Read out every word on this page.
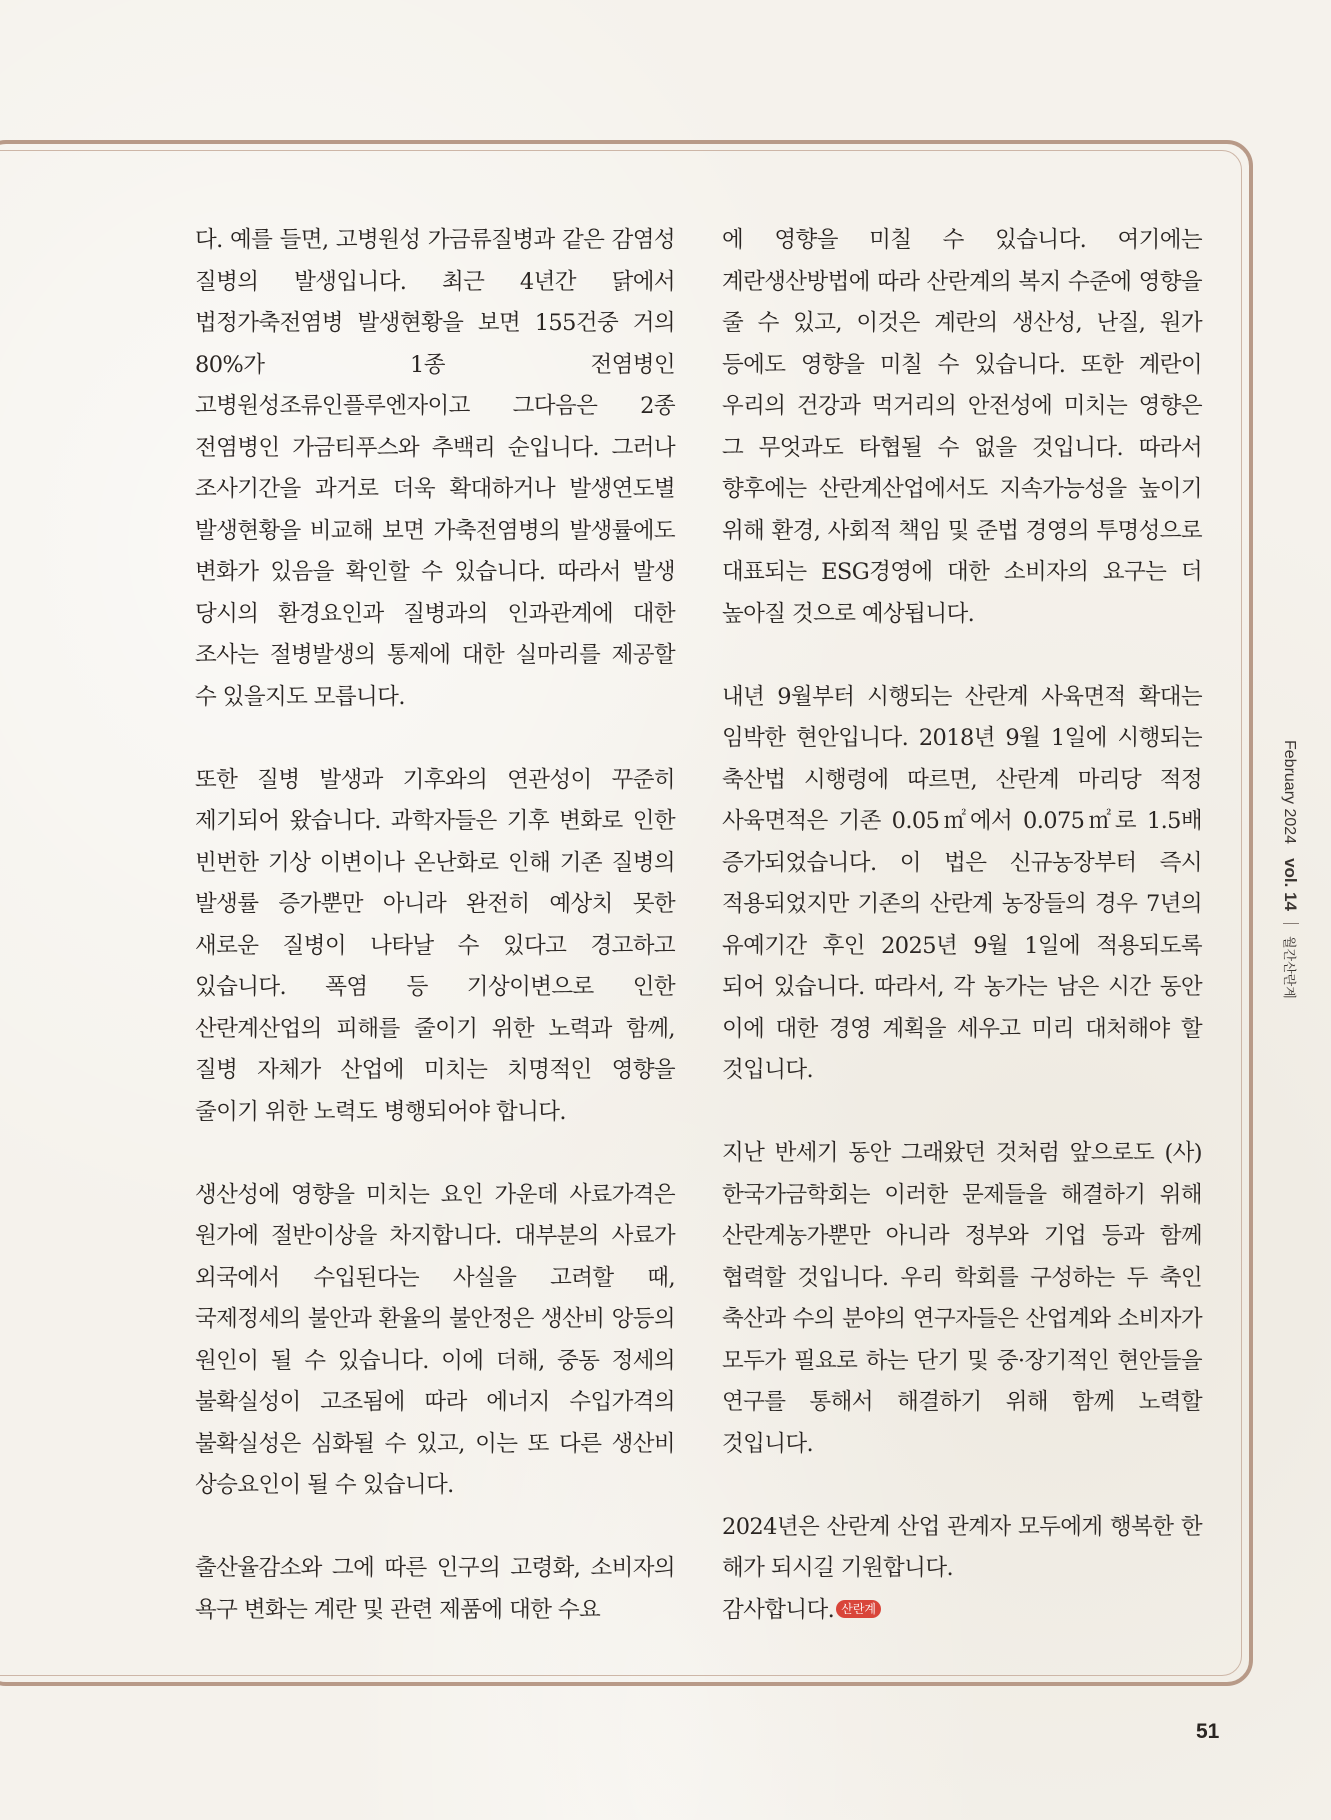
다. 예를 들면, 고병원성 가금류질병과 같은 감염성 질병의 발생입니다. 최근 4년간 닭에서 법정가축전염병 발생현황을 보면 155건중 거의 80%가 1종 전염병인 고병원성조류인플루엔자이고 그다음은 2종 전염병인 가금티푸스와 추백리 순입니다. 그러나 조사기간을 과거로 더욱 확대하거나 발생연도별 발생현황을 비교해 보면 가축전염병의 발생률에도 변화가 있음을 확인할 수 있습니다. 따라서 발생 당시의 환경요인과 질병과의 인과관계에 대한 조사는 절병발생의 통제에 대한 실마리를 제공할 수 있을지도 모릅니다.

또한 질병 발생과 기후와의 연관성이 꾸준히 제기되어 왔습니다. 과학자들은 기후 변화로 인한 빈번한 기상 이변이나 온난화로 인해 기존 질병의 발생률 증가뿐만 아니라 완전히 예상치 못한 새로운 질병이 나타날 수 있다고 경고하고 있습니다. 폭염 등 기상이변으로 인한 산란계산업의 피해를 줄이기 위한 노력과 함께, 질병 자체가 산업에 미치는 치명적인 영향을 줄이기 위한 노력도 병행되어야 합니다.

생산성에 영향을 미치는 요인 가운데 사료가격은 원가에 절반이상을 차지합니다. 대부분의 사료가 외국에서 수입된다는 사실을 고려할 때, 국제정세의 불안과 환율의 불안정은 생산비 앙등의 원인이 될 수 있습니다. 이에 더해, 중동 정세의 불확실성이 고조됨에 따라 에너지 수입가격의 불확실성은 심화될 수 있고, 이는 또 다른 생산비 상승요인이 될 수 있습니다.

출산율감소와 그에 따른 인구의 고령화, 소비자의 욕구 변화는 계란 및 관련 제품에 대한 수요

에 영향을 미칠 수 있습니다. 여기에는 계란생산방법에 따라 산란계의 복지 수준에 영향을 줄 수 있고, 이것은 계란의 생산성, 난질, 원가 등에도 영향을 미칠 수 있습니다. 또한 계란이 우리의 건강과 먹거리의 안전성에 미치는 영향은 그 무엇과도 타협될 수 없을 것입니다. 따라서 향후에는 산란계산업에서도 지속가능성을 높이기 위해 환경, 사회적 책임 및 준법 경영의 투명성으로 대표되는 ESG경영에 대한 소비자의 요구는 더 높아질 것으로 예상됩니다.

내년 9월부터 시행되는 산란계 사육면적 확대는 임박한 현안입니다. 2018년 9월 1일에 시행되는 축산법 시행령에 따르면, 산란계 마리당 적정 사육면적은 기존 0.05㎡에서 0.075㎡로 1.5배 증가되었습니다. 이 법은 신규농장부터 즉시 적용되었지만 기존의 산란계 농장들의 경우 7년의 유예기간 후인 2025년 9월 1일에 적용되도록 되어 있습니다. 따라서, 각 농가는 남은 시간 동안 이에 대한 경영 계획을 세우고 미리 대처해야 할 것입니다.

지난 반세기 동안 그래왔던 것처럼 앞으로도 (사)한국가금학회는 이러한 문제들을 해결하기 위해 산란계농가뿐만 아니라 정부와 기업 등과 함께 협력할 것입니다. 우리 학회를 구성하는 두 축인 축산과 수의 분야의 연구자들은 산업계와 소비자가 모두가 필요로 하는 단기 및 중·장기적인 현안들을 연구를 통해서 해결하기 위해 함께 노력할 것입니다.

2024년은 산란계 산업 관계자 모두에게 행복한 한 해가 되시길 기원합니다.
감사합니다. 산란계

February 2024vol. 14월간산란계
51
